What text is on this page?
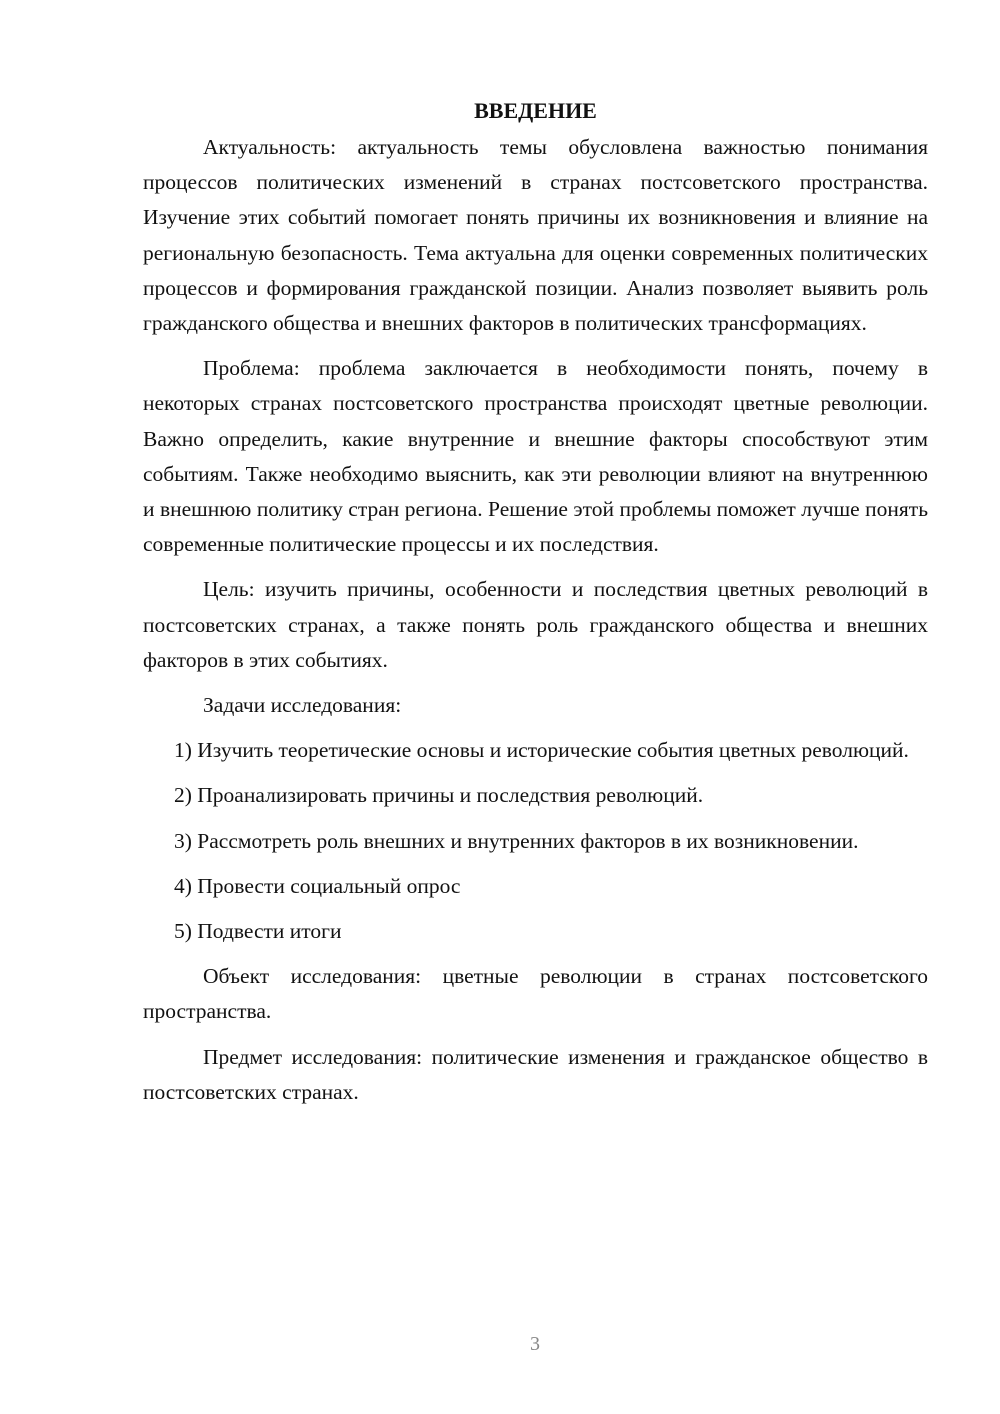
ВВЕДЕНИЕ

Актуальность: актуальность темы обусловлена важностью понимания процессов политических изменений в странах постсоветского пространства. Изучение этих событий помогает понять причины их возникновения и влияние на региональную безопасность. Тема актуальна для оценки современных политических процессов и формирования гражданской позиции. Анализ позволяет выявить роль гражданского общества и внешних факторов в политических трансформациях.

Проблема: проблема заключается в необходимости понять, почему в некоторых странах постсоветского пространства происходят цветные революции. Важно определить, какие внутренние и внешние факторы способствуют этим событиям. Также необходимо выяснить, как эти революции влияют на внутреннюю и внешнюю политику стран региона. Решение этой проблемы поможет лучше понять современные политические процессы и их последствия.

Цель: изучить причины, особенности и последствия цветных революций в постсоветских странах, а также понять роль гражданского общества и внешних факторов в этих событиях.

Задачи исследования:

1) Изучить теоретические основы и исторические события цветных революций.

2) Проанализировать причины и последствия революций.

3) Рассмотреть роль внешних и внутренних факторов в их возникновении.

4) Провести социальный опрос

5) Подвести итоги

Объект исследования: цветные революции в странах постсоветского пространства.

Предмет исследования: политические изменения и гражданское общество в постсоветских странах.

3
